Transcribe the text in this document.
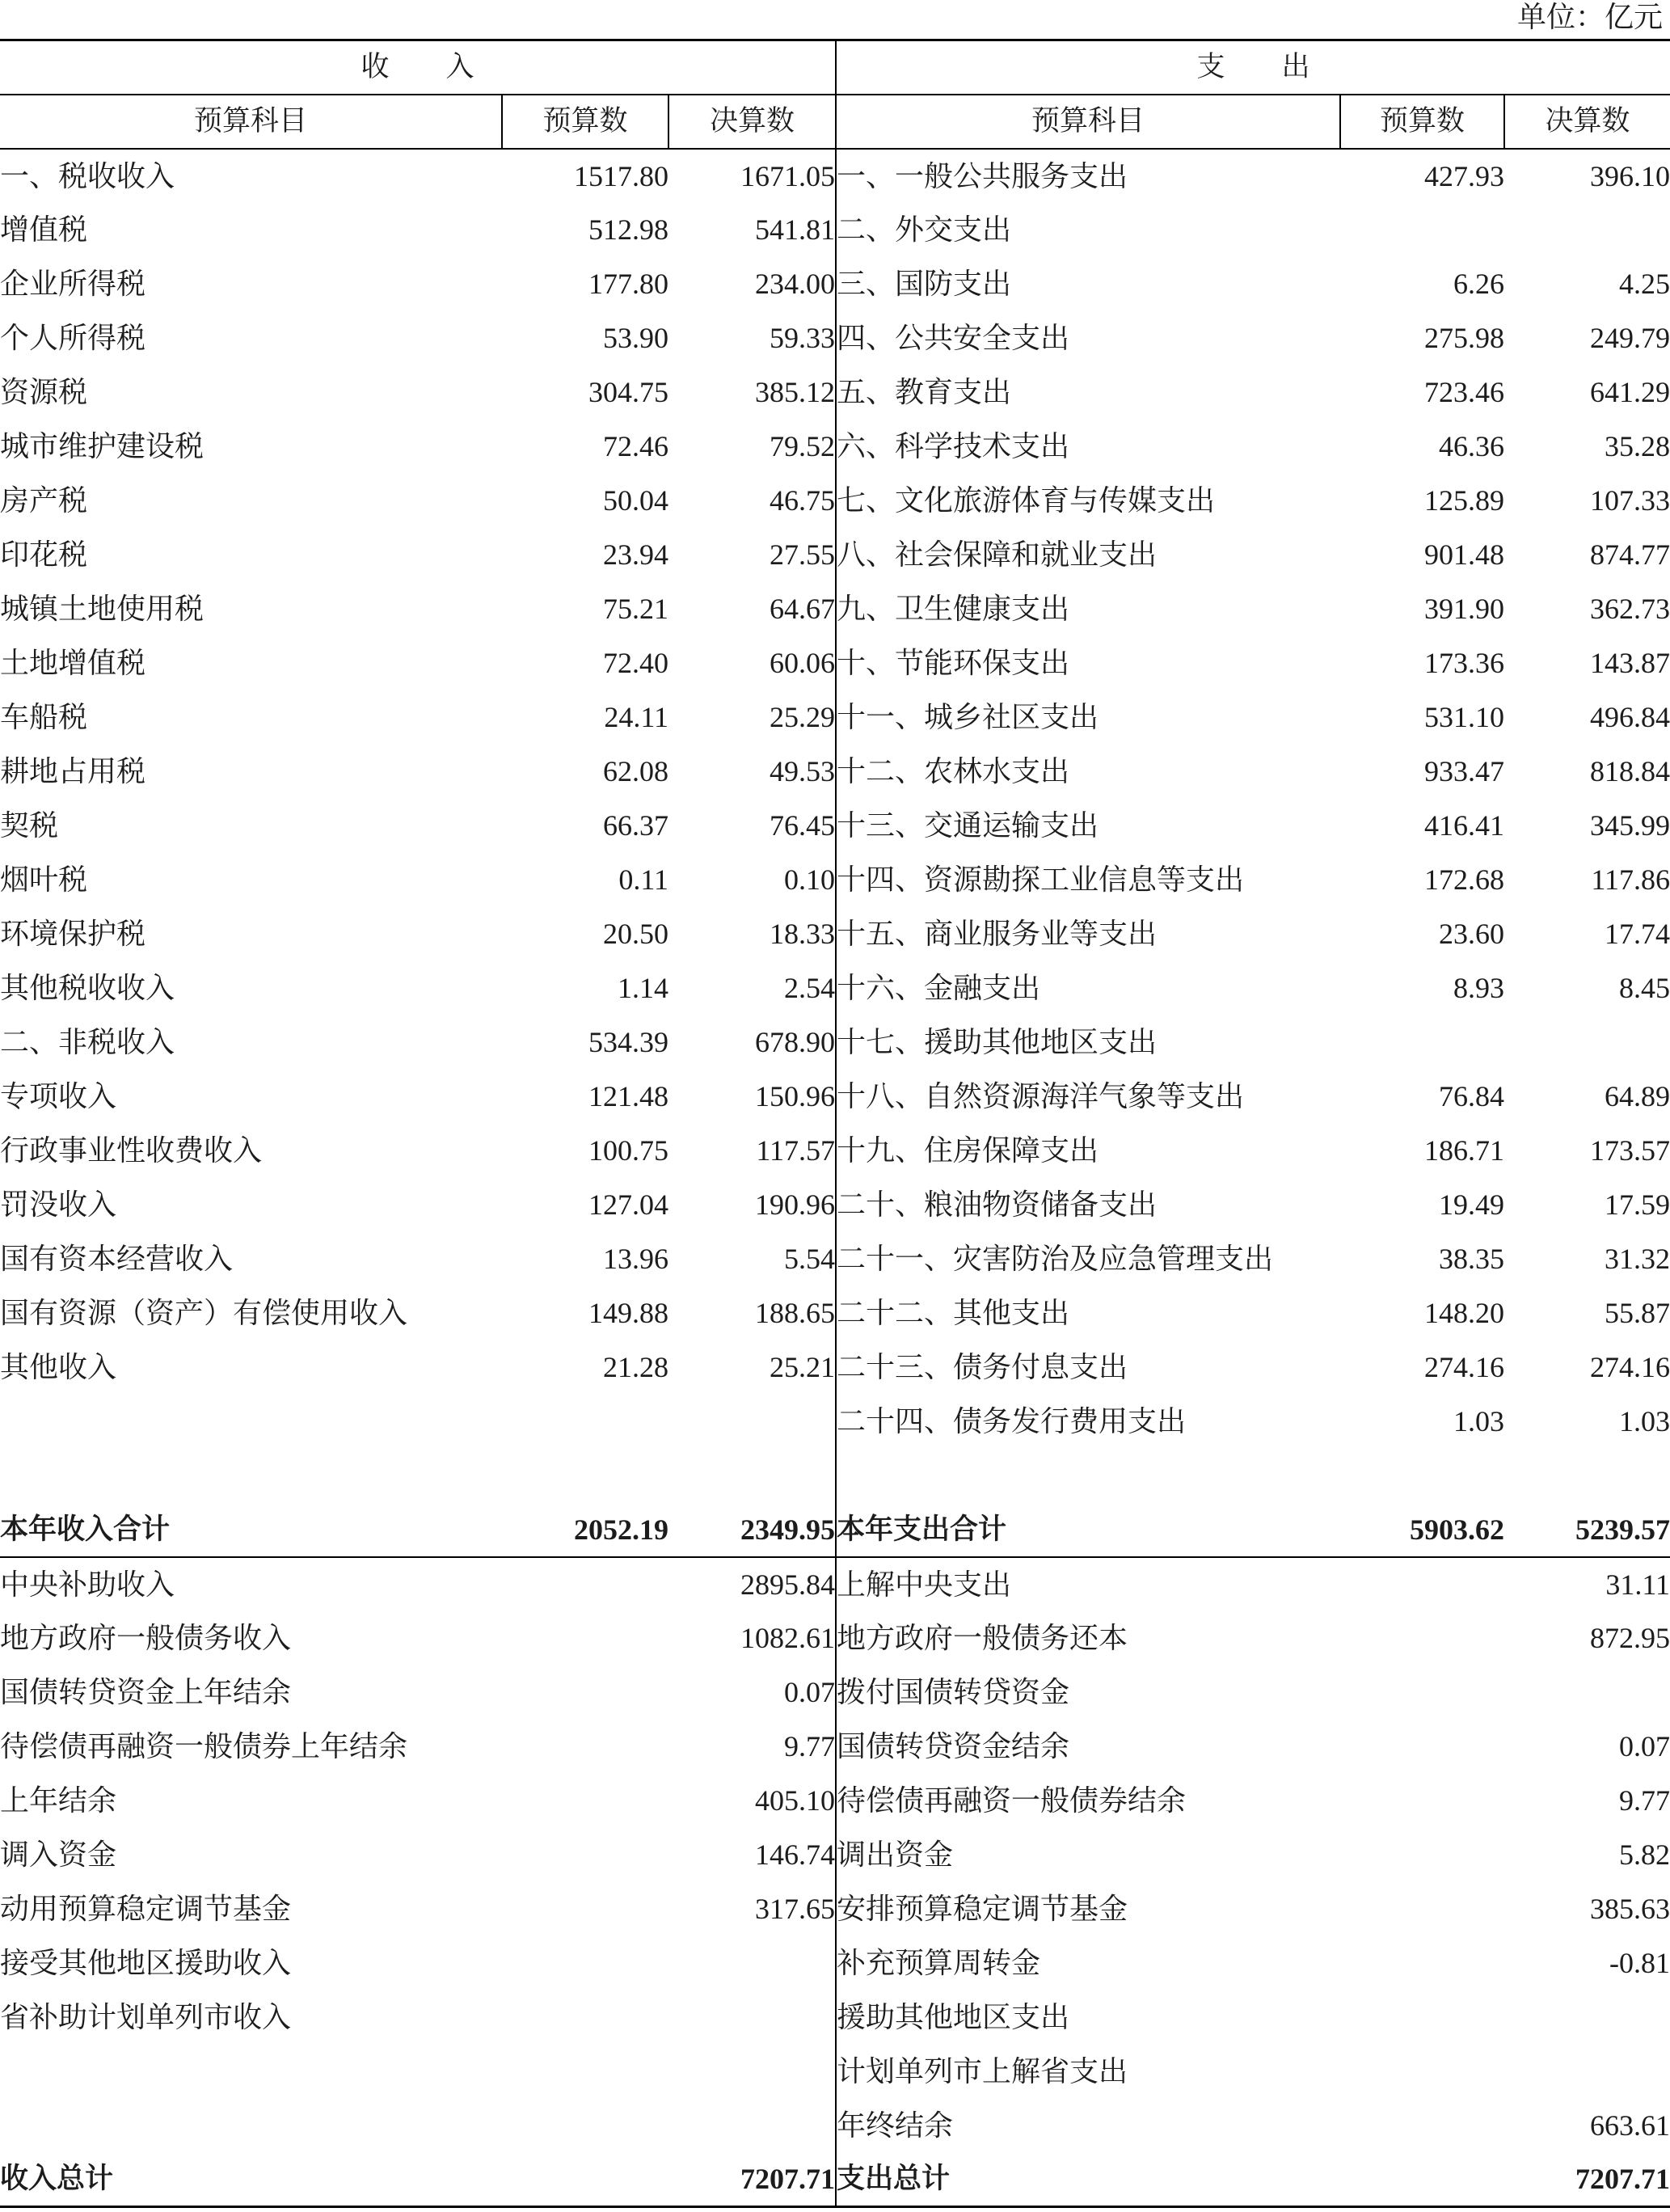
单位：亿元
收　　入			支　　出		
预算科目	预算数	决算数	预算科目	预算数	决算数
一、税收收入	1517.80	1671.05	一、一般公共服务支出	427.93	396.10
增值税	512.98	541.81	二、外交支出		
企业所得税	177.80	234.00	三、国防支出	6.26	4.25
个人所得税	53.90	59.33	四、公共安全支出	275.98	249.79
资源税	304.75	385.12	五、教育支出	723.46	641.29
城市维护建设税	72.46	79.52	六、科学技术支出	46.36	35.28
房产税	50.04	46.75	七、文化旅游体育与传媒支出	125.89	107.33
印花税	23.94	27.55	八、社会保障和就业支出	901.48	874.77
城镇土地使用税	75.21	64.67	九、卫生健康支出	391.90	362.73
土地增值税	72.40	60.06	十、节能环保支出	173.36	143.87
车船税	24.11	25.29	十一、城乡社区支出	531.10	496.84
耕地占用税	62.08	49.53	十二、农林水支出	933.47	818.84
契税	66.37	76.45	十三、交通运输支出	416.41	345.99
烟叶税	0.11	0.10	十四、资源勘探工业信息等支出	172.68	117.86
环境保护税	20.50	18.33	十五、商业服务业等支出	23.60	17.74
其他税收收入	1.14	2.54	十六、金融支出	8.93	8.45
二、非税收入	534.39	678.90	十七、援助其他地区支出		
专项收入	121.48	150.96	十八、自然资源海洋气象等支出	76.84	64.89
行政事业性收费收入	100.75	117.57	十九、住房保障支出	186.71	173.57
罚没收入	127.04	190.96	二十、粮油物资储备支出	19.49	17.59
国有资本经营收入	13.96	5.54	二十一、灾害防治及应急管理支出	38.35	31.32
国有资源（资产）有偿使用收入	149.88	188.65	二十二、其他支出	148.20	55.87
其他收入	21.28	25.21	二十三、债务付息支出	274.16	274.16
			二十四、债务发行费用支出	1.03	1.03

本年收入合计	2052.19	2349.95	本年支出合计	5903.62	5239.57
中央补助收入		2895.84	上解中央支出		31.11
地方政府一般债务收入		1082.61	地方政府一般债务还本		872.95
国债转贷资金上年结余		0.07	拨付国债转贷资金		
待偿债再融资一般债券上年结余		9.77	国债转贷资金结余		0.07
上年结余		405.10	待偿债再融资一般债券结余		9.77
调入资金		146.74	调出资金		5.82
动用预算稳定调节基金		317.65	安排预算稳定调节基金		385.63
接受其他地区援助收入			补充预算周转金		-0.81
省补助计划单列市收入			援助其他地区支出		
			计划单列市上解省支出		
			年终结余		663.61
收入总计		7207.71	支出总计		7207.71
